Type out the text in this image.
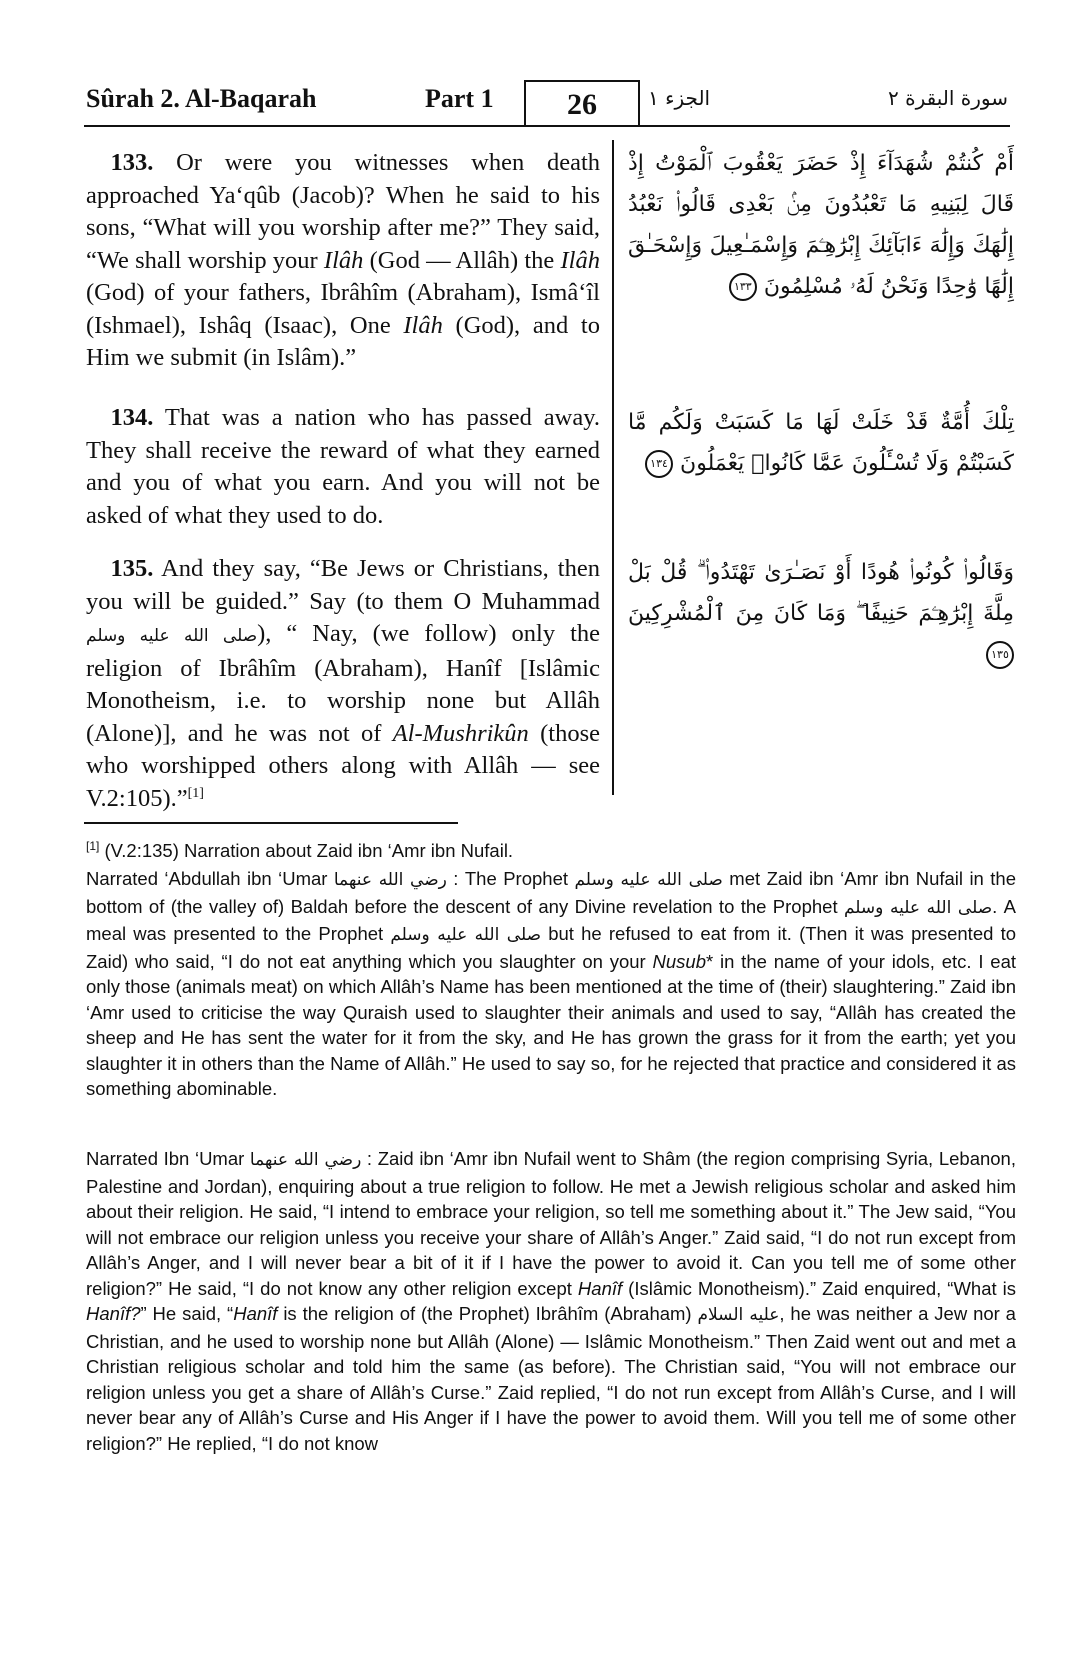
Sûrah 2. Al-Baqarah	Part 1	26	الجزء ١	سورة البقرة ٢
 133. Or were you witnesses when death approached Ya‘qûb (Jacob)? When he said to his sons, “What will you worship after me?” They said, “We shall worship your Ilâh (God — Allâh) the Ilâh (God) of your fathers, Ibrâhîm (Abraham), Ismâ‘îl (Ishmael), Ishâq (Isaac), One Ilâh (God), and to Him we submit (in Islâm).”
 134. That was a nation who has passed away. They shall receive the reward of what they earned and you of what you earn. And you will not be asked of what they used to do.
 135. And they say, “Be Jews or Christians, then you will be guided.” Say (to them O Muhammad صلى الله عليه وسلم), “ Nay, (we follow) only the religion of Ibrâhîm (Abraham), Hanîf [Islâmic Monotheism, i.e. to worship none but Allâh (Alone)], and he was not of Al-Mushrikûn (those who worshipped others along with Allâh — see V.2:105).”[1]
أَمْ كُنتُمْ شُهَدَآءَ إِذْ حَضَرَ يَعْقُوبَ ٱلْمَوْتُ إِذْ قَالَ لِبَنِيهِ مَا تَعْبُدُونَ مِنۢ بَعْدِى قَالُوا۟ نَعْبُدُ إِلَٰهَكَ وَإِلَٰهَ ءَابَآئِكَ إِبْرَٰهِـۧمَ وَإِسْمَـٰعِيلَ وَإِسْحَـٰقَ إِلَٰهًا وَٰحِدًا وَنَحْنُ لَهُۥ مُسْلِمُونَ ١٣٣
تِلْكَ أُمَّةٌ قَدْ خَلَتْ لَهَا مَا كَسَبَتْ وَلَكُم مَّا كَسَبْتُمْ وَلَا تُسْـَٔلُونَ عَمَّا كَانُوا۟ يَعْمَلُونَ ١٣٤
وَقَالُوا۟ كُونُوا۟ هُودًا أَوْ نَصَـٰرَىٰ تَهْتَدُوا۟ ۗ قُلْ بَلْ مِلَّةَ إِبْرَٰهِـۧمَ حَنِيفًا ۖ وَمَا كَانَ مِنَ ٱلْمُشْرِكِينَ ١٣٥
[1] (V.2:135) Narration about Zaid ibn ‘Amr ibn Nufail.
Narrated ‘Abdullah ibn ‘Umar رضي الله عنهما : The Prophet صلى الله عليه وسلم met Zaid ibn ‘Amr ibn Nufail in the bottom of (the valley of) Baldah before the descent of any Divine revelation to the Prophet صلى الله عليه وسلم. A meal was presented to the Prophet صلى الله عليه وسلم but he refused to eat from it. (Then it was presented to Zaid) who said, “I do not eat anything which you slaughter on your Nusub* in the name of your idols, etc. I eat only those (animals meat) on which Allâh’s Name has been mentioned at the time of (their) slaughtering.” Zaid ibn ‘Amr used to criticise the way Quraish used to slaughter their animals and used to say, “Allâh has created the sheep and He has sent the water for it from the sky, and He has grown the grass for it from the earth; yet you slaughter it in others than the Name of Allâh.” He used to say so, for he rejected that practice and considered it as something abominable.
Narrated Ibn ‘Umar رضي الله عنهما : Zaid ibn ‘Amr ibn Nufail went to Shâm (the region comprising Syria, Lebanon, Palestine and Jordan), enquiring about a true religion to follow. He met a Jewish religious scholar and asked him about their religion. He said, “I intend to embrace your religion, so tell me something about it.” The Jew said, “You will not embrace our religion unless you receive your share of Allâh’s Anger.” Zaid said, “I do not run except from Allâh’s Anger, and I will never bear a bit of it if I have the power to avoid it. Can you tell me of some other religion?” He said, “I do not know any other religion except Hanîf (Islâmic Monotheism).” Zaid enquired, “What is Hanîf?” He said, “Hanîf is the religion of (the Prophet) Ibrâhîm (Abraham) عليه السلام, he was neither a Jew nor a Christian, and he used to worship none but Allâh (Alone) — Islâmic Monotheism.” Then Zaid went out and met a Christian religious scholar and told him the same (as before). The Christian said, “You will not embrace our religion unless you get a share of Allâh’s Curse.” Zaid replied, “I do not run except from Allâh’s Curse, and I will never bear any of Allâh’s Curse and His Anger if I have the power to avoid them. Will you tell me of some other religion?” He replied, “I do not know
